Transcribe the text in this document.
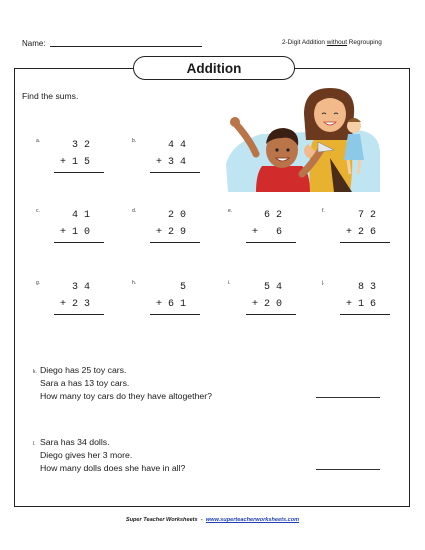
Name:	2-Digit Addition without Regrouping
Addition
Find the sums.
a.	3 2
+ 1 5
b.	4 4
+ 3 4
c.	4 1
+ 1 0
d.	2 0
+ 2 9
e.	6 2
+   6
f.	7 2
+ 2 6
g.	3 4
+ 2 3
h.	5
+ 6 1
i.	5 4
+ 2 0
j.	8 3
+ 1 6
k. Diego has 25 toy cars.
Sara a has 13 toy cars.
How many toy cars do they have altogether?
l. Sara has 34 dolls.
Diego gives her 3 more.
How many dolls does she have in all?
Super Teacher Worksheets  -  www.superteacherworksheets.com
